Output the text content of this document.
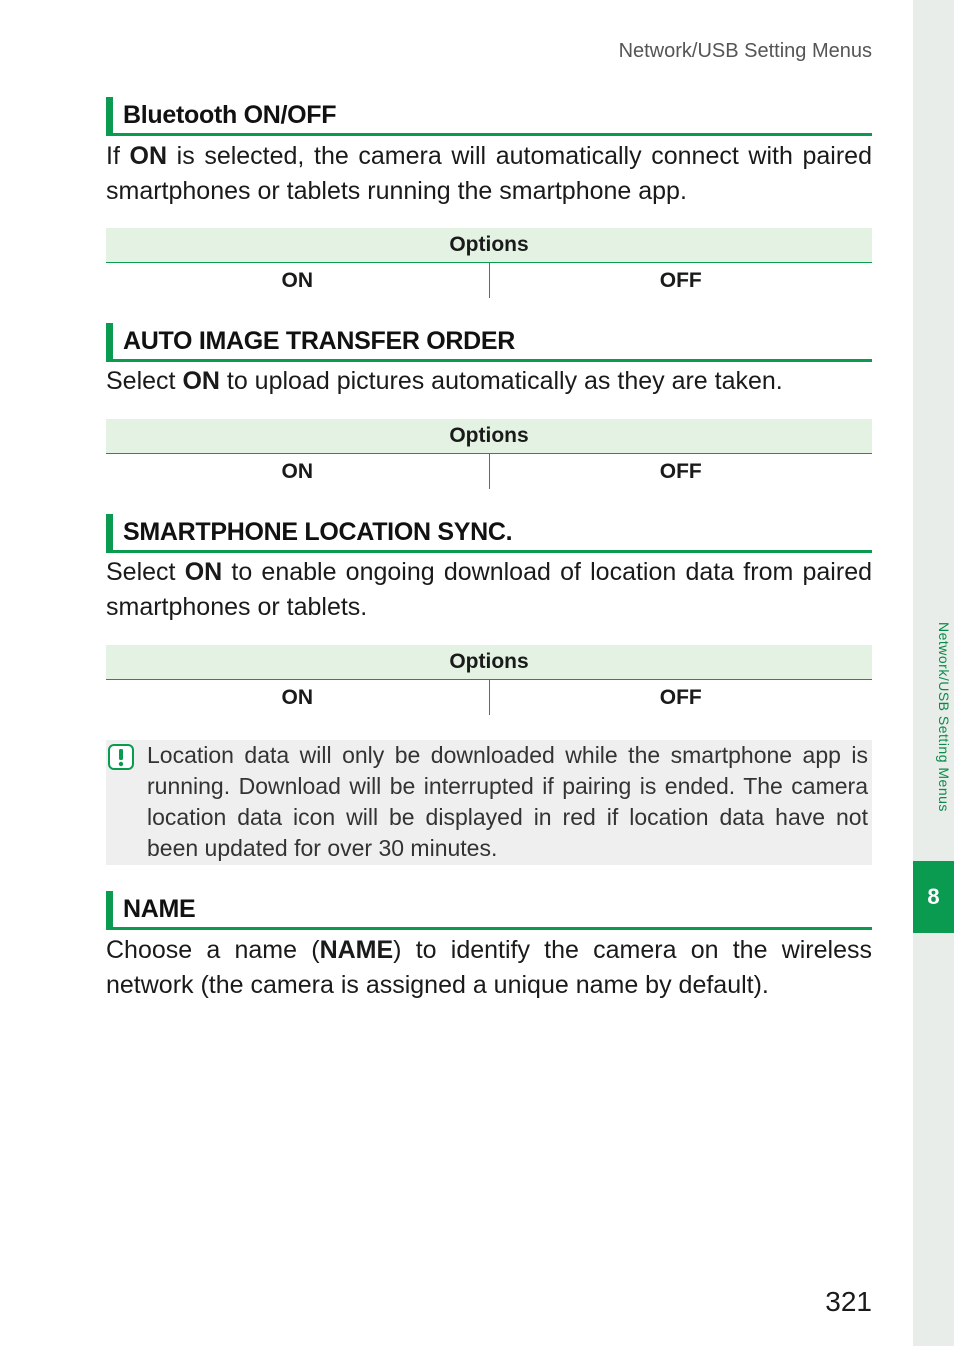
Network/USB Setting Menus
Network/USB Setting Menus
8
Bluetooth ON/OFF

If ON is selected, the camera will automatically connect with paired smartphones or tablets running the smartphone app.

Options
ON	OFF
AUTO IMAGE TRANSFER ORDER

Select ON to upload pictures automatically as they are taken.

Options
ON	OFF
SMARTPHONE LOCATION SYNC.

Select ON to enable ongoing download of location data from paired smartphones or tablets.

Options
ON	OFF

Location data will only be downloaded while the smartphone app is running. Download will be interrupted if pairing is ended. The camera location data icon will be displayed in red if location data have not been updated for over 30 minutes.

NAME

Choose a name (NAME) to identify the camera on the wireless network (the camera is assigned a unique name by default).

321
